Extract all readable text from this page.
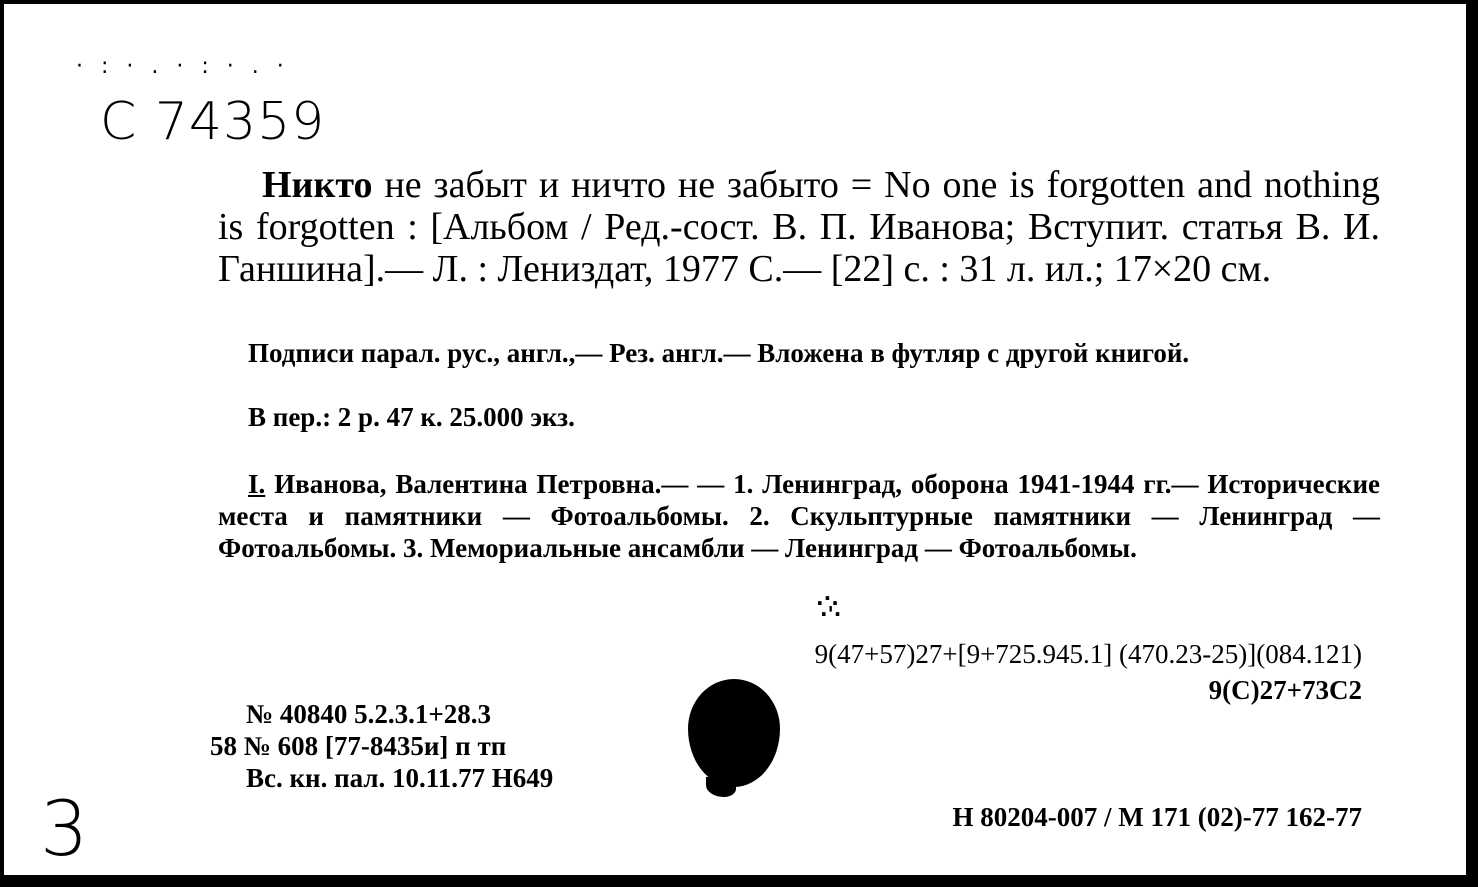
·:·.·:·.·
С 74359
Никто не забыт и ничто не забыто = No one is forgotten and nothing is forgotten : [Альбом / Ред.-сост. В. П. Иванова; Вступит. статья В. И. Ганшина].— Л. : Лениздат, 1977 С.— [22] с. : 31 л. ил.; 17×20 см.
Подписи парал. рус., англ.,— Рез. англ.— Вложена в футляр с другой книгой.
В пер.: 2 р. 47 к. 25.000 экз.
I. Иванова, Валентина Петровна.— — 1. Ленинград, оборона 1941-1944 гг.— Исторические места и памятники — Фотоальбомы. 2. Скульптурные памятники — Ленинград — Фотоальбомы. 3. Мемориальные ансамбли — Ленинград — Фотоальбомы.
.·.
·'·
9(47+57)27+[9+725.945.1] (470.23-25)](084.121)
9(С)27+73С2
№ 40840 5.2.3.1+28.3
58 № 608 [77-8435и] п тп
Вс. кн. пал. 10.11.77 Н649
Н 80204-007 / М 171 (02)-77 162-77
3
